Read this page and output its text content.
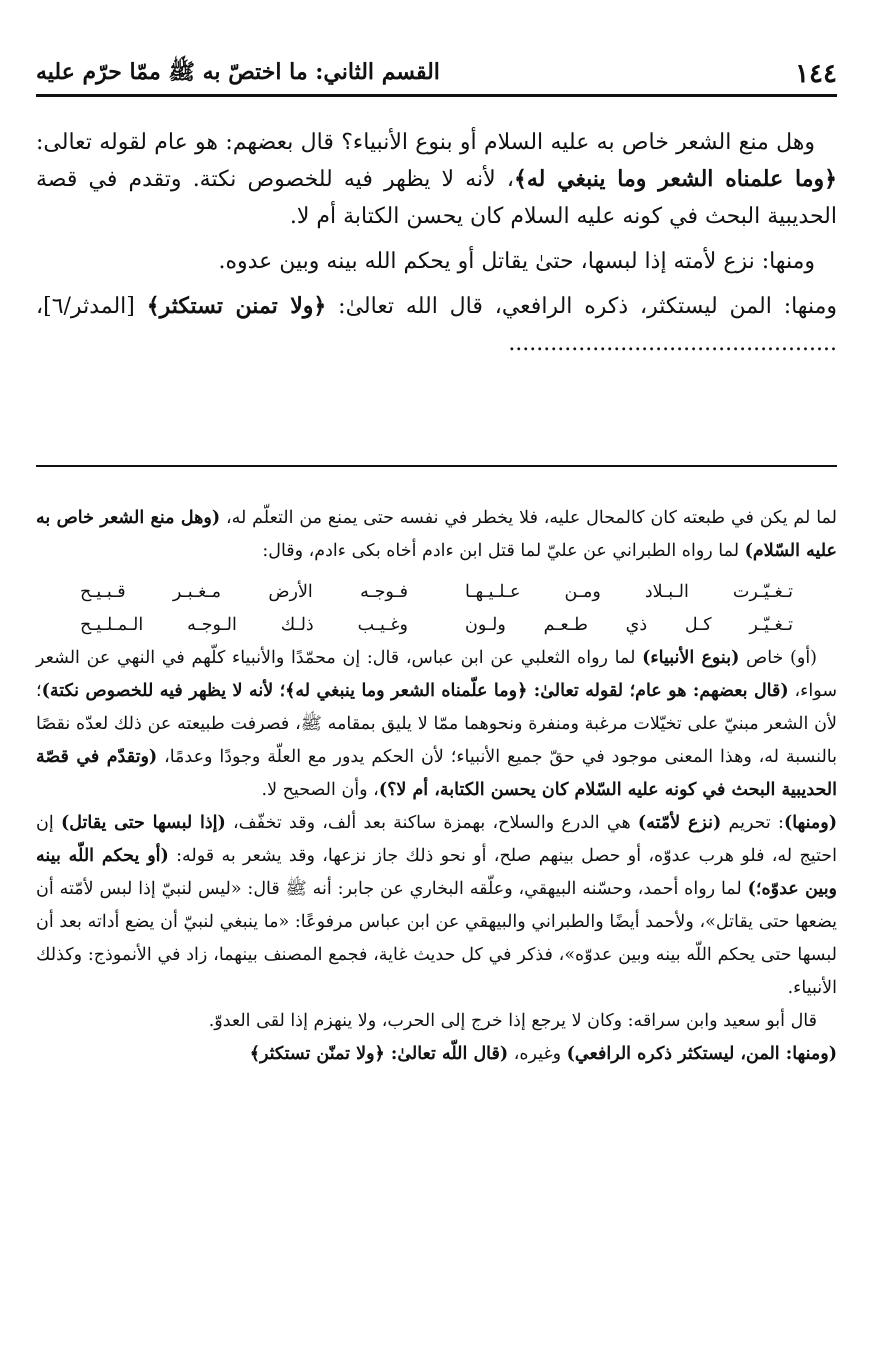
١٤٤
القسم الثاني: ما اختصّ به ﷺ ممّا حرّم عليه

وهل منع الشعر خاص به عليه السلام أو بنوع الأنبياء؟ قال بعضهم: هو عام لقوله تعالى: ﴿وما علمناه الشعر وما ينبغي له﴾، لأنه لا يظهر فيه للخصوص نكتة. وتقدم في قصة الحديبية البحث في كونه عليه السلام كان يحسن الكتابة أم لا.

ومنها: نزع لأمته إذا لبسها، حتىٰ يقاتل أو يحكم الله بينه وبين عدوه.

ومنها: المن ليستكثر، ذكره الرافعي، قال الله تعالىٰ: ﴿ولا تمنن تستكثر﴾ [المدثر/٦]، ...............................................

لما لم يكن في طبعته كان كالمحال عليه، فلا يخطر في نفسه حتى يمنع من التعلّم له، (وهل منع الشعر خاص به عليه السّلام) لما رواه الطبراني عن عليّ لما قتل ابن ءادم أخاه بكى ءادم، وقال:

تـغـيّـرت الـبـلاد ومـن عـلـيـهـا
فـوجـه الأرض مـغـبـر قـبـيـح
تـغـيّـر كـل ذي طـعـم ولـون
وغـيـب ذلـك الـوجـه الـمـلـيـح

(أو) خاص (بنوع الأنبياء) لما رواه الثعلبي عن ابن عباس، قال: إن محمّدًا والأنبياء كلّهم في النهي عن الشعر سواء، (قال بعضهم: هو عام؛ لقوله تعالىٰ: ﴿وما علّمناه الشعر وما ينبغي له﴾؛ لأنه لا يظهر فيه للخصوص نكتة)؛ لأن الشعر مبنيّ على تخيّلات مرغبة ومنفرة ونحوهما ممّا لا يليق بمقامه ﷺ، فصرفت طبيعته عن ذلك لعدّه نقصًا بالنسبة له، وهذا المعنى موجود في حقّ جميع الأنبياء؛ لأن الحكم يدور مع العلّة وجودًا وعدمًا، (وتقدّم في قصّة الحديبية البحث في كونه عليه السّلام كان يحسن الكتابة، أم لا؟)، وأن الصحيح لا.

(ومنها): تحريم (نزع لأمّته) هي الدرع والسلاح، بهمزة ساكنة بعد ألف، وقد تخفّف، (إذا لبسها حتى يقاتل) إن احتيج له، فلو هرب عدوّه، أو حصل بينهم صلح، أو نحو ذلك جاز نزعها، وقد يشعر به قوله: (أو يحكم اللّه بينه وبين عدوّه؛) لما رواه أحمد، وحسّنه البيهقي، وعلّقه البخاري عن جابر: أنه ﷺ قال: «ليس لنبيّ إذا لبس لأمّته أن يضعها حتى يقاتل»، ولأحمد أيضًا والطبراني والبيهقي عن ابن عباس مرفوعًا: «ما ينبغي لنبيّ أن يضع أداته بعد أن لبسها حتى يحكم اللّه بينه وبين عدوّه»، فذكر في كل حديث غاية، فجمع المصنف بينهما، زاد في الأنموذج: وكذلك الأنبياء.

قال أبو سعيد وابن سراقه: وكان لا يرجع إذا خرج إلى الحرب، ولا ينهزم إذا لقى العدوّ.

(ومنها: المن، ليستكثر ذكره الرافعي) وغيره، (قال اللّه تعالىٰ: ﴿ولا تمنّن تستكثر﴾
